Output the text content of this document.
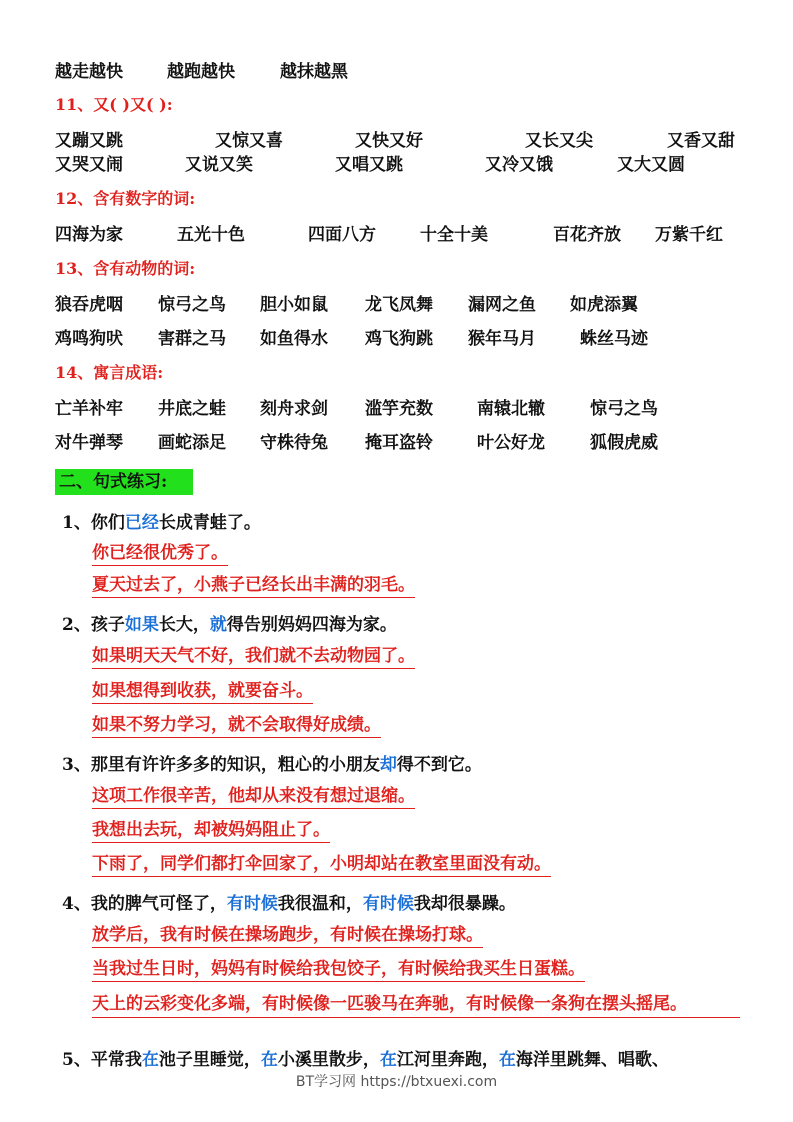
越走越快	越跑越快	越抹越黑
11、又( )又( ):
又蹦又跳	又惊又喜	又快又好	又长又尖	又香又甜
又哭又闹	又说又笑	又唱又跳	又冷又饿	又大又圆
12、含有数字的词:
四海为家	五光十色	四面八方	十全十美	百花齐放 万紫千红
13、含有动物的词:
狼吞虎咽 惊弓之鸟 胆小如鼠 龙飞凤舞 漏网之鱼 如虎添翼
鸡鸣狗吠 害群之马 如鱼得水 鸡飞狗跳 猴年马月	蛛丝马迹
14、寓言成语:
亡羊补牢 井底之蛙 刻舟求剑 滥竽充数	南辕北辙	惊弓之鸟
对牛弹琴 画蛇添足 守株待兔 掩耳盗铃	叶公好龙	狐假虎威
二、句式练习:
1、你们已经长成青蛙了。
你已经很优秀了。
夏天过去了，小燕子已经长出丰满的羽毛。
2、孩子如果长大，就得告别妈妈四海为家。
如果明天天气不好，我们就不去动物园了。
如果想得到收获，就要奋斗。
如果不努力学习，就不会取得好成绩。
3、那里有许许多多的知识，粗心的小朋友却得不到它。
这项工作很辛苦，他却从来没有想过退缩。
我想出去玩，却被妈妈阻止了。
下雨了，同学们都打伞回家了，小明却站在教室里面没有动。
4、我的脾气可怪了，有时候我很温和，有时候我却很暴躁。
放学后，我有时候在操场跑步，有时候在操场打球。
当我过生日时，妈妈有时候给我包饺子，有时候给我买生日蛋糕。
天上的云彩变化多端，有时候像一匹骏马在奔驰，有时候像一条狗在摆头摇尾。
5、平常我在池子里睡觉，在小溪里散步，在江河里奔跑，在海洋里跳舞、唱歌、
BT学习网 https://btxuexi.com
